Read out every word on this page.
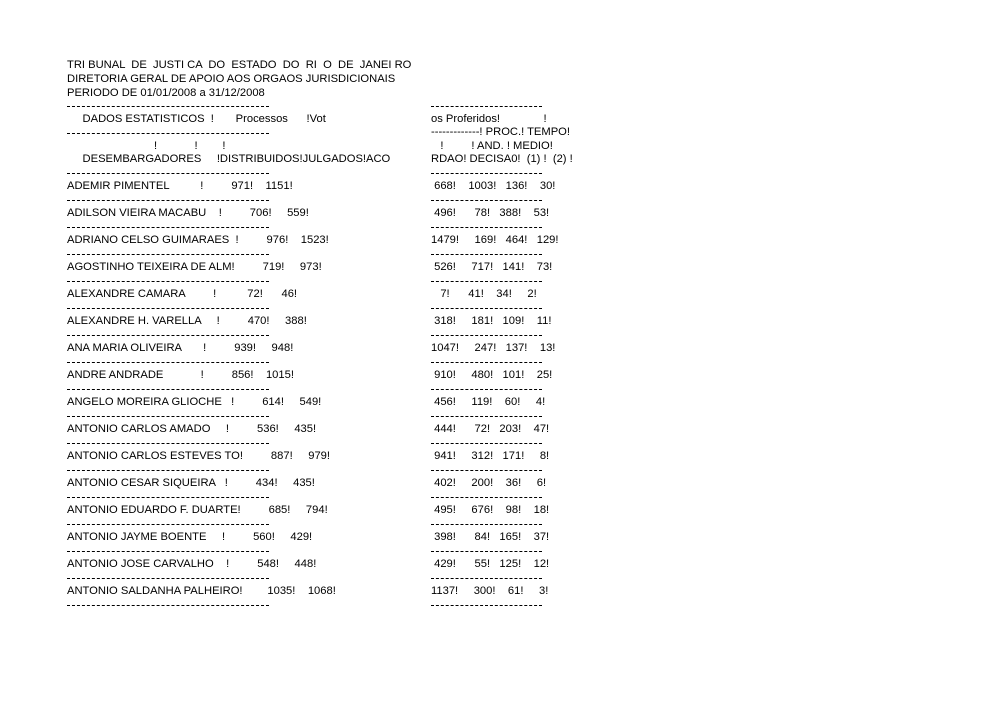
TRI BUNAL  DE  JUSTI CA  DO  ESTADO  DO  RI  O  DE  JANEI RO
DIRETORIA GERAL DE APOIO AOS ORGAOS JURISDICIONAIS
PERIODO DE 01/01/2008 a 31/12/2008
DADOS ESTATISTICOS  !       Processos      !Vot	os Proferidos!              !
-------------! PROC.! TEMPO!
!            !        !	!         ! AND. ! MEDIO!
DESEMBARGADORES     !DISTRIBUIDOS!JULGADOS!ACO	RDAO! DECISA0!  (1) !  (2) !
ADEMIR PIMENTEL          !         971!    1151!	668!    1003!   136!    30!
ADILSON VIEIRA MACABU    !         706!     559!	496!      78!   388!    53!
ADRIANO CELSO GUIMARAES  !         976!    1523!	1479!     169!   464!   129!
AGOSTINHO TEIXEIRA DE ALM!         719!     973!	526!     717!   141!    73!
ALEXANDRE CAMARA         !          72!      46!	7!      41!    34!     2!
ALEXANDRE H. VARELLA     !         470!     388!	318!     181!   109!    11!
ANA MARIA OLIVEIRA       !         939!     948!	1047!     247!   137!    13!
ANDRE ANDRADE            !         856!    1015!	910!     480!   101!    25!
ANGELO MOREIRA GLIOCHE   !         614!     549!	456!     119!    60!     4!
ANTONIO CARLOS AMADO     !         536!     435!	444!      72!   203!    47!
ANTONIO CARLOS ESTEVES TO!         887!     979!	941!     312!   171!     8!
ANTONIO CESAR SIQUEIRA   !         434!     435!	402!     200!    36!     6!
ANTONIO EDUARDO F. DUARTE!         685!     794!	495!     676!    98!    18!
ANTONIO JAYME BOENTE     !         560!     429!	398!      84!   165!    37!
ANTONIO JOSE CARVALHO    !         548!     448!	429!      55!   125!    12!
ANTONIO SALDANHA PALHEIRO!        1035!    1068!	1137!     300!    61!     3!
